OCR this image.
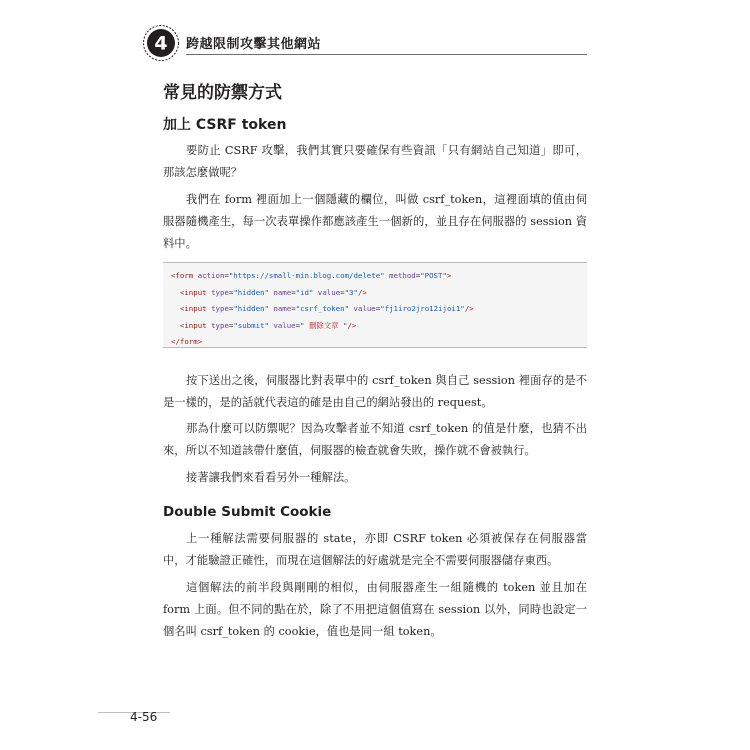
4 跨越限制攻擊其他網站
常見的防禦方式
加上 CSRF token
要防止 CSRF 攻擊，我們其實只要確保有些資訊「只有網站自己知道」即可，那該怎麼做呢？
我們在 form 裡面加上一個隱藏的欄位，叫做 csrf_token，這裡面填的值由伺服器隨機產生，每一次表單操作都應該產生一個新的，並且存在伺服器的 session 資料中。
<form action="https://small-min.blog.com/delete" method="POST">
<input type="hidden" name="id" value="3"/>
<input type="hidden" name="csrf_token" value="fj1iro2jro12ijoi1"/>
<input type="submit" value=" 刪除文章 "/>
</form>
按下送出之後，伺服器比對表單中的 csrf_token 與自己 session 裡面存的是不是一樣的，是的話就代表這的確是由自己的網站發出的 request。
那為什麼可以防禦呢？因為攻擊者並不知道 csrf_token 的值是什麼，也猜不出來，所以不知道該帶什麼值，伺服器的檢查就會失敗，操作就不會被執行。
接著讓我們來看看另外一種解法。
Double Submit Cookie
上一種解法需要伺服器的 state，亦即 CSRF token 必須被保存在伺服器當中，才能驗證正確性，而現在這個解法的好處就是完全不需要伺服器儲存東西。
這個解法的前半段與剛剛的相似，由伺服器產生一組隨機的 token 並且加在 form 上面。但不同的點在於，除了不用把這個值寫在 session 以外，同時也設定一個名叫 csrf_token 的 cookie，值也是同一組 token。
4-56
